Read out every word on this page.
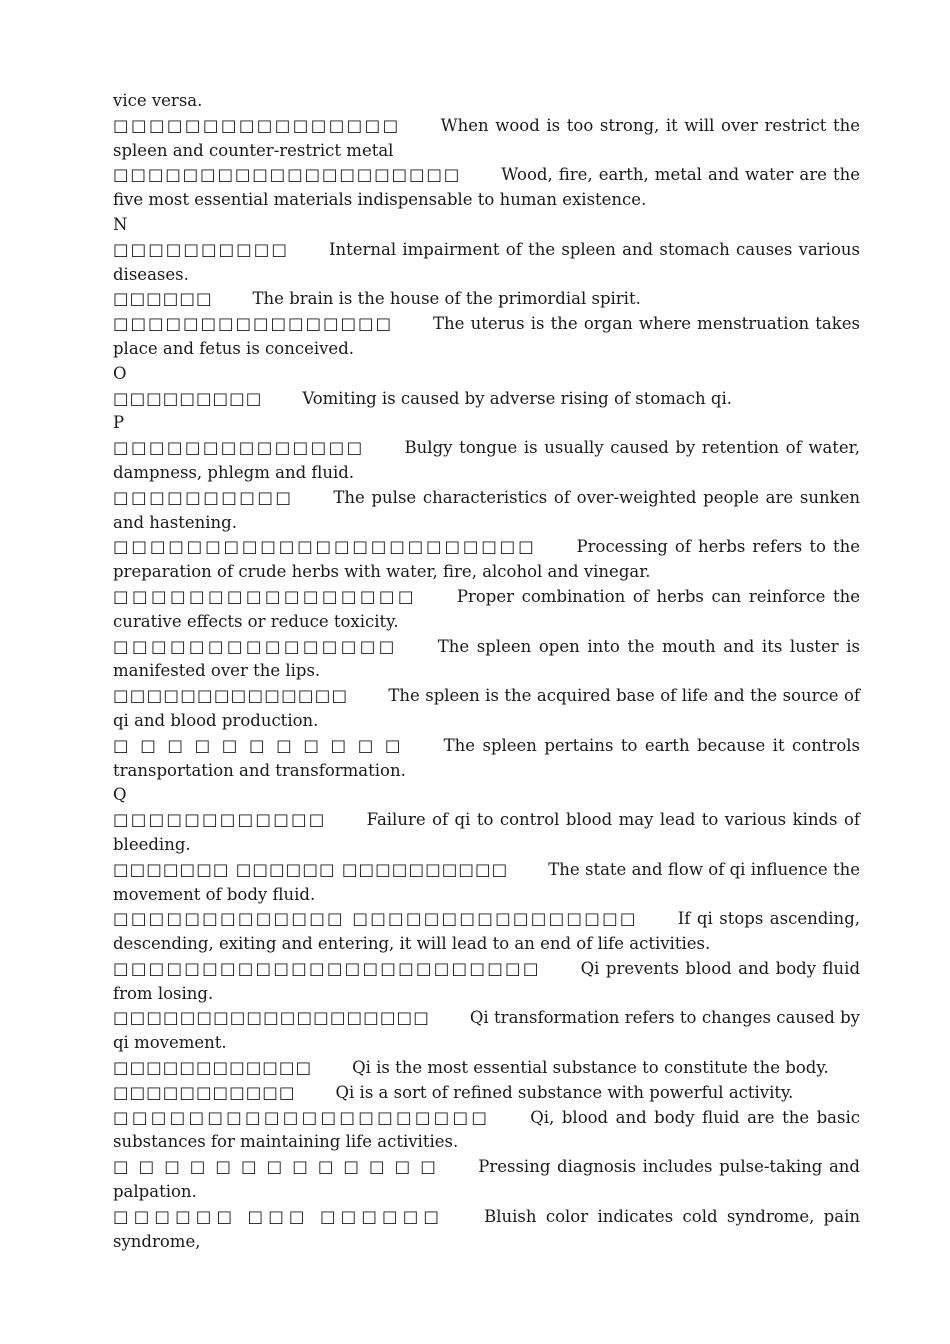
vice versa.

□□□□□□□□□□□□□□□□ When wood is too strong, it will over restrict the spleen and counter-restrict metal

□□□□□□□□□□□□□□□□□□□□ Wood, fire, earth, metal and water are the five most essential materials indispensable to human existence.

N

□□□□□□□□□□ Internal impairment of the spleen and stomach causes various diseases.

□□□□□□ The brain is the house of the primordial spirit.

□□□□□□□□□□□□□□□□ The uterus is the organ where menstruation takes place and fetus is conceived.

O

□□□□□□□□□ Vomiting is caused by adverse rising of stomach qi.

P

□□□□□□□□□□□□□□ Bulgy tongue is usually caused by retention of water, dampness, phlegm and fluid.

□□□□□□□□□□ The pulse characteristics of over-weighted people are sunken and hastening.

□□□□□□□□□□□□□□□□□□□□□□□ Processing of herbs refers to the preparation of crude herbs with water, fire, alcohol and vinegar.

□□□□□□□□□□□□□□□□ Proper combination of herbs can reinforce the curative effects or reduce toxicity.

□□□□□□□□□□□□□□□ The spleen open into the mouth and its luster is manifested over the lips.

□□□□□□□□□□□□□□ The spleen is the acquired base of life and the source of qi and blood production.

□ □ □ □ □ □ □ □ □ □ □ The spleen pertains to earth because it controls transportation and transformation.

Q

□□□□□□□□□□□□ Failure of qi to control blood may lead to various kinds of bleeding.

□□□□□□□ □□□□□□ □□□□□□□□□□ The state and flow of qi influence the movement of body fluid.

□□□□□□□□□□□□□ □□□□□□□□□□□□□□□□ If qi stops ascending, descending, exiting and entering, it will lead to an end of life activities.

□□□□□□□□□□□□□□□□□□□□□□□□ Qi prevents blood and body fluid from losing.

□□□□□□□□□□□□□□□□□□□ Qi transformation refers to changes caused by qi movement.

□□□□□□□□□□□□ Qi is the most essential substance to constitute the body.

□□□□□□□□□□□ Qi is a sort of refined substance with powerful activity.

□□□□□□□□□□□□□□□□□□□□ Qi, blood and body fluid are the basic substances for maintaining life activities.

□ □ □ □ □ □ □ □ □ □ □ □ □ Pressing diagnosis includes pulse-taking and palpation.

□□□□□□ □□□ □□□□□□ Bluish color indicates cold syndrome, pain syndrome,
